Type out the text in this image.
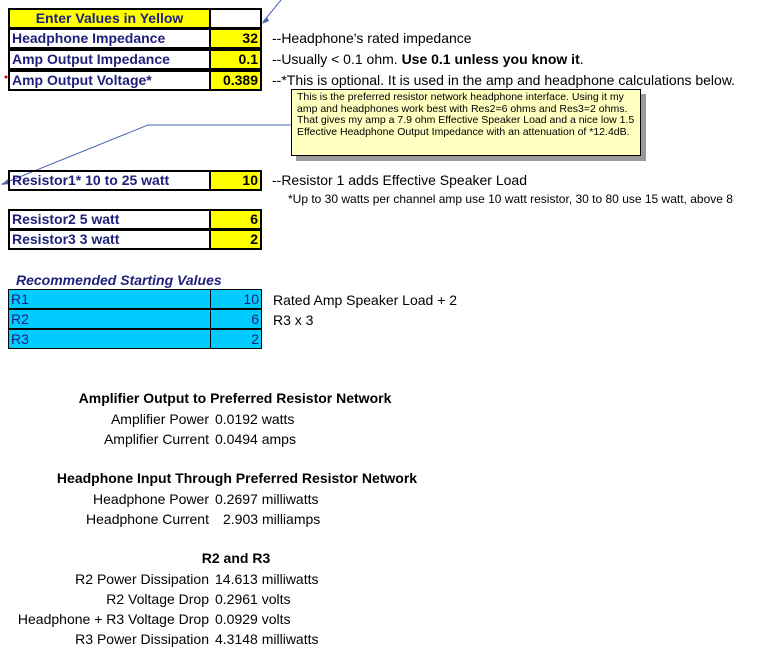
Enter Values in Yellow
Headphone Impedance	32 --Headphone's rated impedance
Amp Output Impedance	0.1 --Usually < 0.1 ohm. Use 0.1 unless you know it.
Amp Output Voltage*	0.389 --*This is optional. It is used in the amp and headphone calculations below.
This is the preferred resistor network headphone interface. Using it my amp and headphones work best with Res2=6 ohms and Res3=2 ohms. That gives my amp a 7.9 ohm Effective Speaker Load and a nice low 1.5 Effective Headphone Output Impedance with an attenuation of *12.4dB.
Resistor1* 10 to 25 watt	10 --Resistor 1 adds Effective Speaker Load
*Up to 30 watts per channel amp use 10 watt resistor, 30 to 80 use 15 watt, above 8
Resistor2 5 watt	6
Resistor3 3 watt	2
Recommended Starting Values
R1	10 Rated Amp Speaker Load + 2
R2	6 R3 x 3
R3	2
Amplifier Output to Preferred Resistor Network
Amplifier Power 0.0192 watts
Amplifier Current 0.0494 amps
Headphone Input Through Preferred Resistor Network
Headphone Power 0.2697 milliwatts
Headphone Current 2.903 milliamps
R2 and R3
R2 Power Dissipation 14.613 milliwatts
R2 Voltage Drop 0.2961 volts
Headphone + R3 Voltage Drop 0.0929 volts
R3 Power Dissipation 4.3148 milliwatts
